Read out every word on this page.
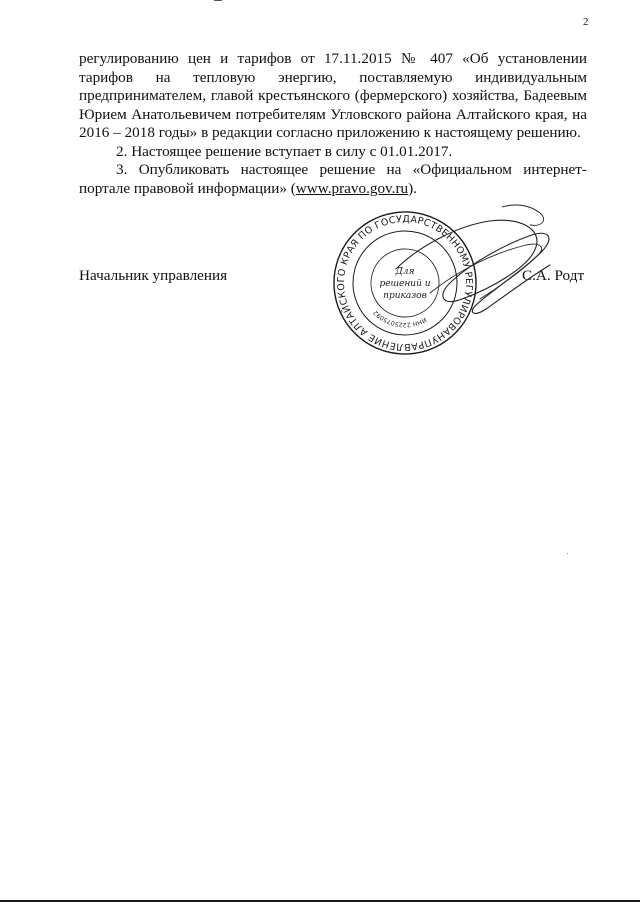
2

регулированию цен и тарифов от 17.11.2015 № 407 «Об установлении тарифов на тепловую энергию, поставляемую индивидуальным предпринимателем, главой крестьянского (фермерского) хозяйства, Бадеевым Юрием Анатольевичем потребителям Угловского района Алтайского края, на 2016 – 2018 годы» в редакции согласно приложению к настоящему решению.

2. Настоящее решение вступает в силу с 01.01.2017.

3. Опубликовать настоящее решение на «Официальном интернет-портале правовой информации» (www.pravo.gov.ru).

Начальник управления
УПРАВЛЕНИЕ АЛТАЙСКОГО КРАЯ ПО ГОСУДАРСТВЕННОМУ РЕГУЛИРОВАНИЮ
ИНН 2225075092
Для
решений и
приказов
С.А. Родт
